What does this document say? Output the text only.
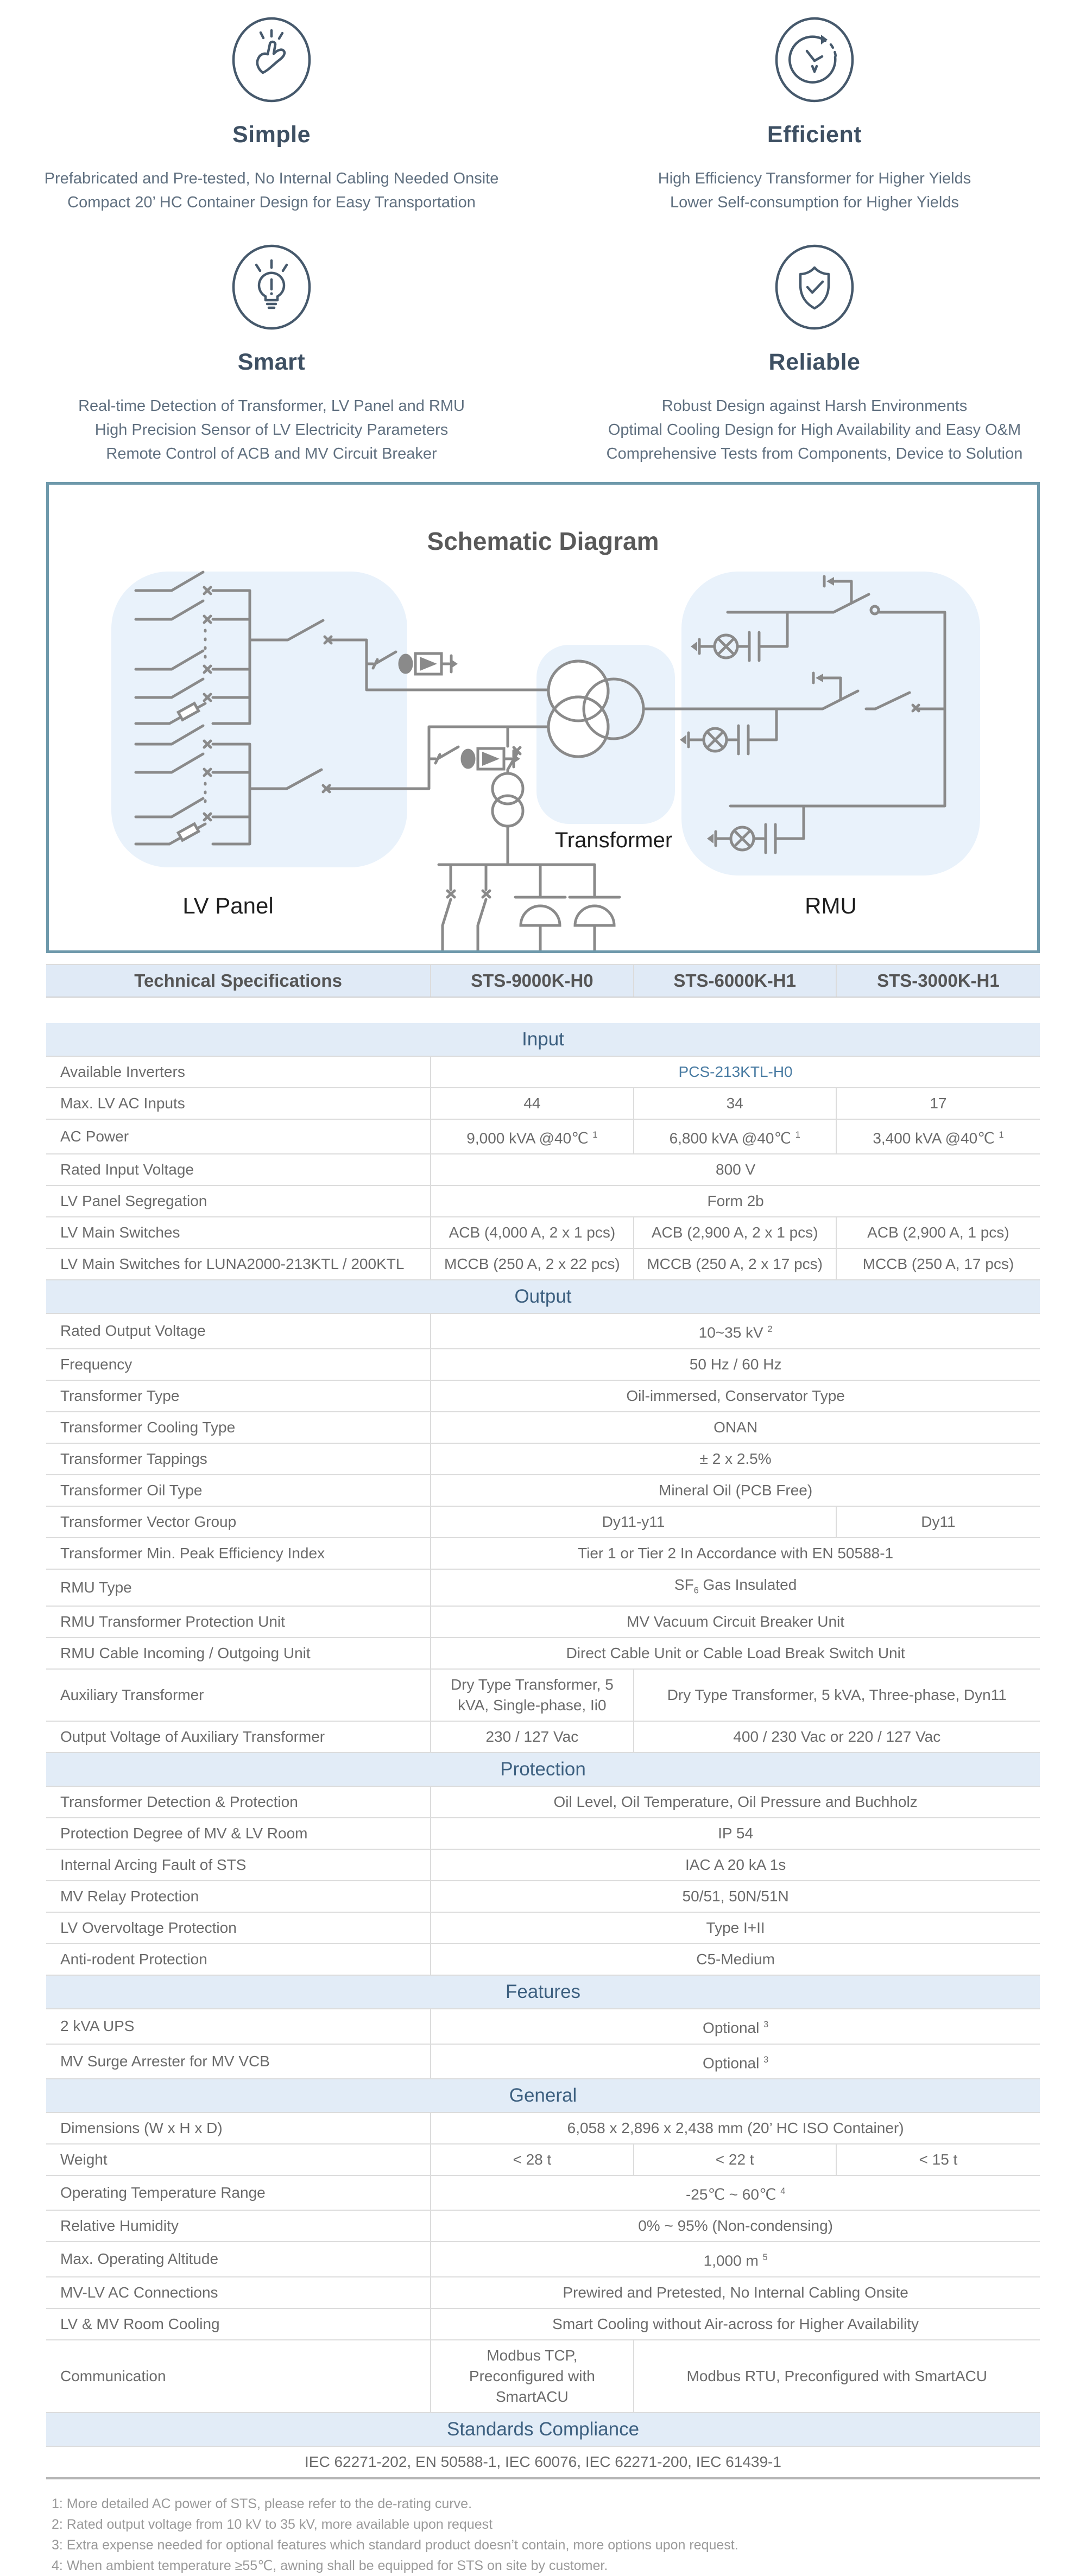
Simple
Prefabricated and Pre-tested, No Internal Cabling Needed Onsite
Compact 20’ HC Container Design for Easy Transportation
Efficient
High Efficiency Transformer for Higher Yields
Lower Self-consumption for Higher Yields
Smart
Real-time Detection of Transformer, LV Panel and RMU
High Precision Sensor of LV Electricity Parameters
Remote Control of ACB and MV Circuit Breaker
Reliable
Robust Design against Harsh Environments
Optimal Cooling Design for High Availability and Easy O&M
Comprehensive Tests from Components, Device to Solution
Schematic Diagram
LV Panel
Transformer
RMU
Technical Specifications	STS-9000K-H0	STS-6000K-H1	STS-3000K-H1

Input			
Available Inverters	PCS-213KTL-H0		
Max. LV AC Inputs	44	34	17
AC Power	9,000 kVA @40℃ $^1$	6,800 kVA @40℃ $^1$	3,400 kVA @40℃ $^1$
Rated Input Voltage	800 V		
LV Panel Segregation	Form 2b		
LV Main Switches	ACB (4,000 A, 2 x 1 pcs)	ACB (2,900 A, 2 x 1 pcs)	ACB (2,900 A, 1 pcs)
LV Main Switches for LUNA2000-213KTL / 200KTL	MCCB (250 A, 2 x 22 pcs)	MCCB (250 A, 2 x 17 pcs)	MCCB (250 A, 17 pcs)
Output			
Rated Output Voltage	10~35 kV $^2$
Frequency	50 Hz / 60 Hz		
Transformer Type	Oil-immersed, Conservator Type		
Transformer Cooling Type	ONAN		
Transformer Tappings	± 2 x 2.5%		
Transformer Oil Type	Mineral Oil (PCB Free)		
Transformer Vector Group	Dy11-y11		Dy11
Transformer Min. Peak Efficiency Index	Tier 1 or Tier 2 In Accordance with EN 50588-1		
RMU Type	$SF_6$ Gas Insulated		
RMU Transformer Protection Unit	MV Vacuum Circuit Breaker Unit		
RMU Cable Incoming / Outgoing Unit	Direct Cable Unit or Cable Load Break Switch Unit		
Auxiliary Transformer	Dry Type Transformer, 5 kVA, Single-phase, Ii0	Dry Type Transformer, 5 kVA, Three-phase, Dyn11	
Output Voltage of Auxiliary Transformer	230 / 127 Vac	400 / 230 Vac or 220 / 127 Vac	
Protection			
Transformer Detection & Protection	Oil Level, Oil Temperature, Oil Pressure and Buchholz		
Protection Degree of MV & LV Room	IP 54		
Internal Arcing Fault of STS	IAC A 20 kA 1s		
MV Relay Protection	50/51, 50N/51N		
LV Overvoltage Protection	Type I+II		
Anti-rodent Protection	C5-Medium		
Features			
2 kVA UPS	Optional $^3$
MV Surge Arrester for MV VCB	Optional $^3$
General			
Dimensions (W x H x D)	6,058 x 2,896 x 2,438 mm (20’ HC ISO Container)		
Weight	< 28 t	< 22 t	< 15 t
Operating Temperature Range	-25℃ ~ 60℃ $^4$
Relative Humidity	0% ~ 95% (Non-condensing)		
Max. Operating Altitude	1,000 m $^5$
MV-LV AC Connections	Prewired and Pretested, No Internal Cabling Onsite		
LV & MV Room Cooling	Smart Cooling without Air-across for Higher Availability		
Communication	Modbus TCP, Preconfigured with SmartACU	Modbus RTU, Preconfigured with SmartACU	
Standards Compliance			
IEC 62271-202, EN 50588-1, IEC 60076, IEC 62271-200, IEC 61439-1			
1: More detailed AC power of STS, please refer to the de-rating curve.
2: Rated output voltage from 10 kV to 35 kV, more available upon request
3: Extra expense needed for optional features which standard product doesn’t contain, more options upon request.
4: When ambient temperature ≥55℃, awning shall be equipped for STS on site by customer.
